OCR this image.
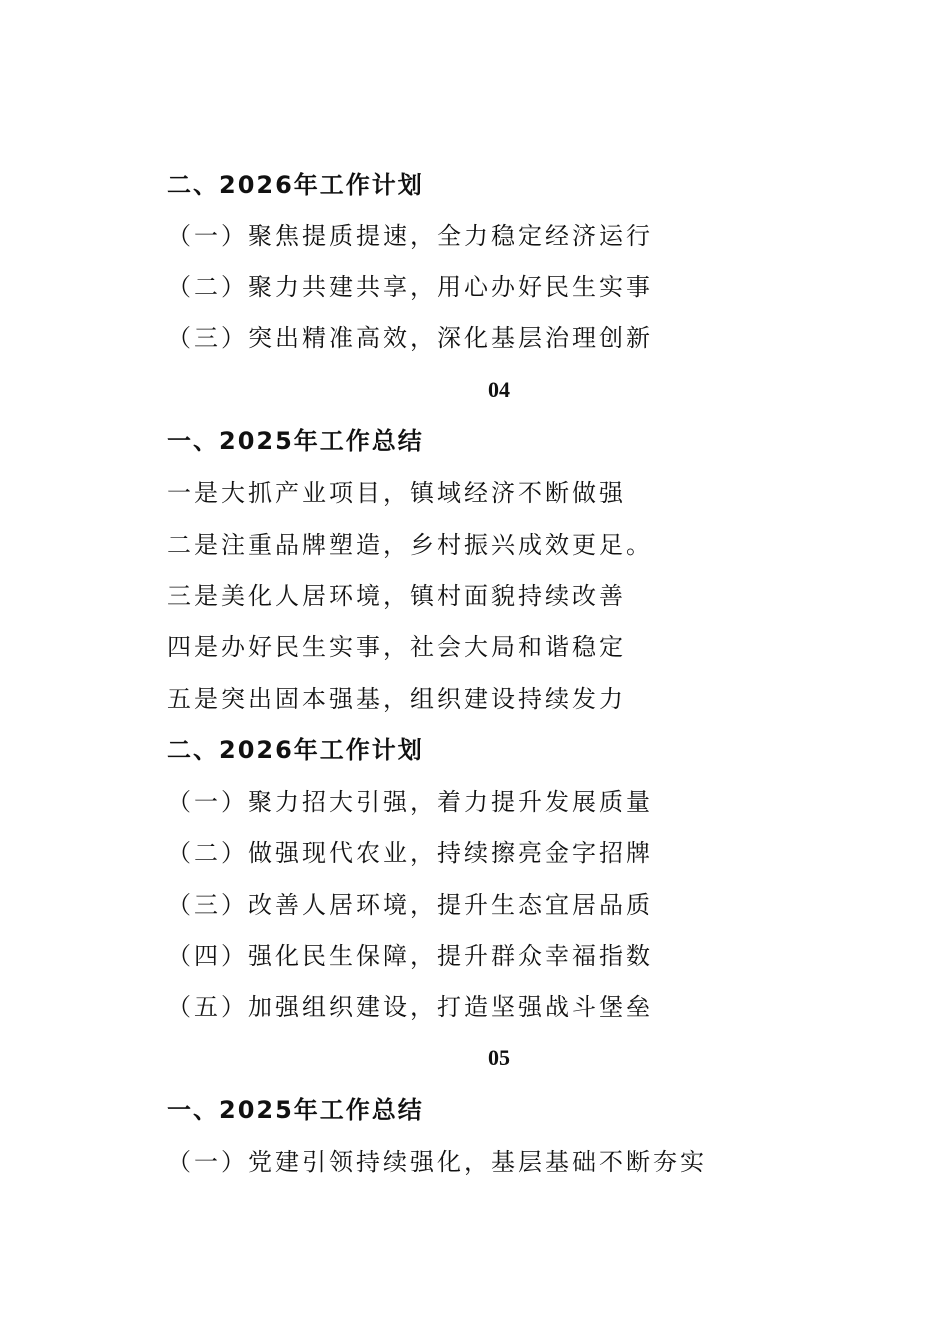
二、2026年工作计划
（一）聚焦提质提速，全力稳定经济运行
（二）聚力共建共享，用心办好民生实事
（三）突出精准高效，深化基层治理创新
04
一、2025年工作总结
一是大抓产业项目，镇域经济不断做强
二是注重品牌塑造，乡村振兴成效更足。
三是美化人居环境，镇村面貌持续改善
四是办好民生实事，社会大局和谐稳定
五是突出固本强基，组织建设持续发力
二、2026年工作计划
（一）聚力招大引强，着力提升发展质量
（二）做强现代农业，持续擦亮金字招牌
（三）改善人居环境，提升生态宜居品质
（四）强化民生保障，提升群众幸福指数
（五）加强组织建设，打造坚强战斗堡垒
05
一、2025年工作总结
（一）党建引领持续强化，基层基础不断夯实
